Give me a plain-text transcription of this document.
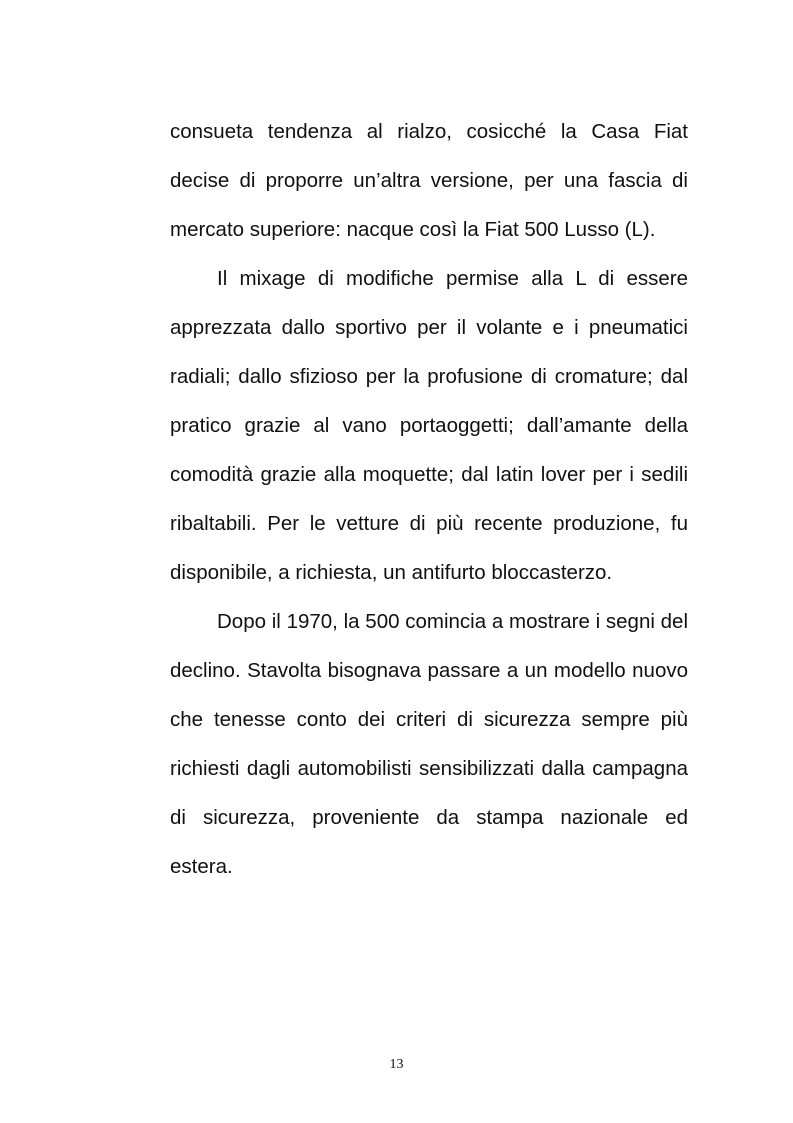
consueta tendenza al rialzo, cosicché la Casa Fiat decise di proporre un’altra versione, per una fascia di mercato superiore: nacque così la Fiat 500 Lusso (L).

Il mixage di modifiche permise alla L di essere apprezzata dallo sportivo per il volante e i pneumatici radiali; dallo sfizioso per la profusione di cromature; dal pratico grazie al vano portaoggetti; dall’amante della comodità grazie alla moquette; dal latin lover per i sedili ribaltabili. Per le vetture di più recente produzione, fu disponibile, a richiesta, un antifurto bloccasterzo.

Dopo il 1970, la 500 comincia a mostrare i segni del declino. Stavolta bisognava passare a un modello nuovo che tenesse conto dei criteri di sicurezza sempre più richiesti dagli automobilisti sensibilizzati dalla campagna di sicurezza, proveniente da stampa nazionale ed estera.

13
